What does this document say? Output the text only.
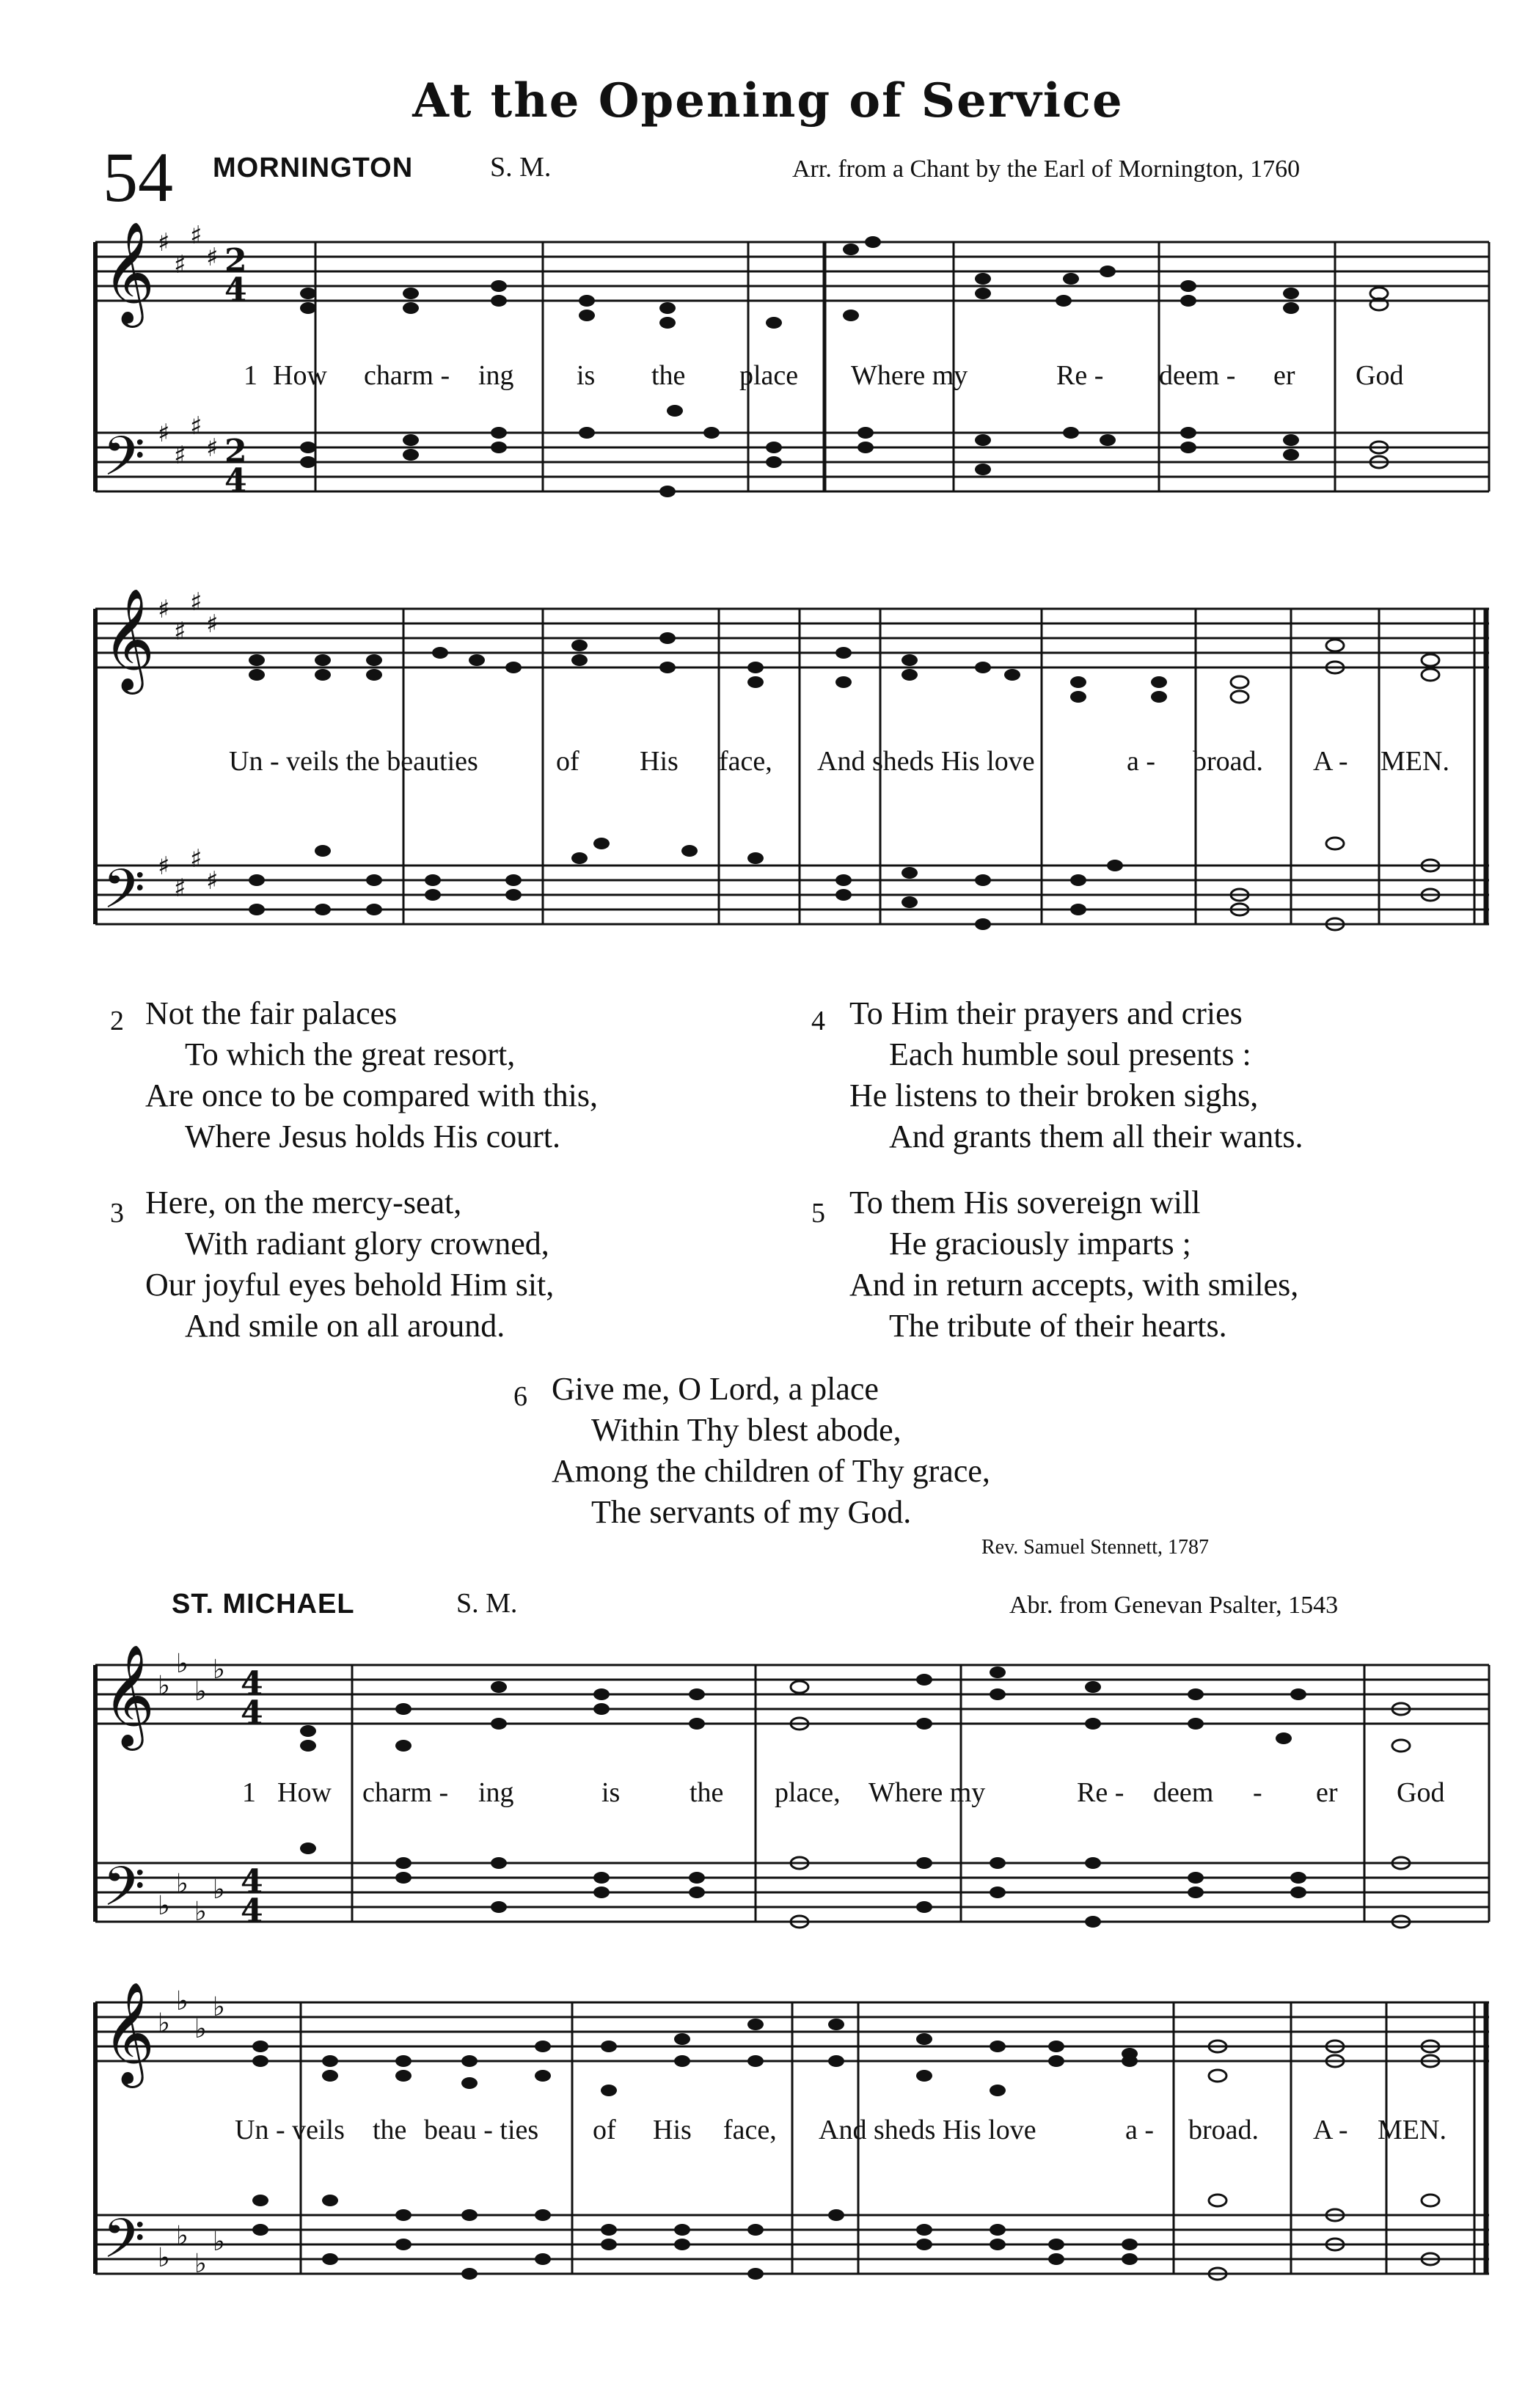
At the Opening of Service
54 MORNINGTON	S. M.	Arr. from a Chant by the Earl of Mornington, 1760
𝄞
𝄢
♯
♯
♯
♯
♯
♯
♯
♯
2
4
2
4
1 How charm - ing is the place Where my	Re - deem - er God
𝄞
𝄢
♯
♯
♯
♯
♯
♯
♯
♯
Un - veils the beauties	of His face, And sheds His love	a - broad. A - MEN.
2 Not the fair palaces
To which the great resort,
Are once to be compared with this,
Where Jesus holds His court.
3 Here, on the mercy-seat,
With radiant glory crowned,
Our joyful eyes behold Him sit,
And smile on all around.
4 To Him their prayers and cries
Each humble soul presents :
He listens to their broken sighs,
And grants them all their wants.
5 To them His sovereign will
He graciously imparts ;
And in return accepts, with smiles,
The tribute of their hearts.
6 Give me, O Lord, a place
Within Thy blest abode,
Among the children of Thy grace,
The servants of my God.
Rev. Samuel Stennett, 1787
ST. MICHAEL	S. M.	Abr. from Genevan Psalter, 1543
𝄞
𝄢
♭
♭
♭
♭
♭
♭
♭
♭
4
4
4
4
1 How charm - ing	is the place, Where my	Re - deem - er God
𝄞
𝄢
♭
♭
♭
♭
♭
♭
♭
♭
Un - veils the beau - ties of His face, And sheds His love	a - broad. A - MEN.
